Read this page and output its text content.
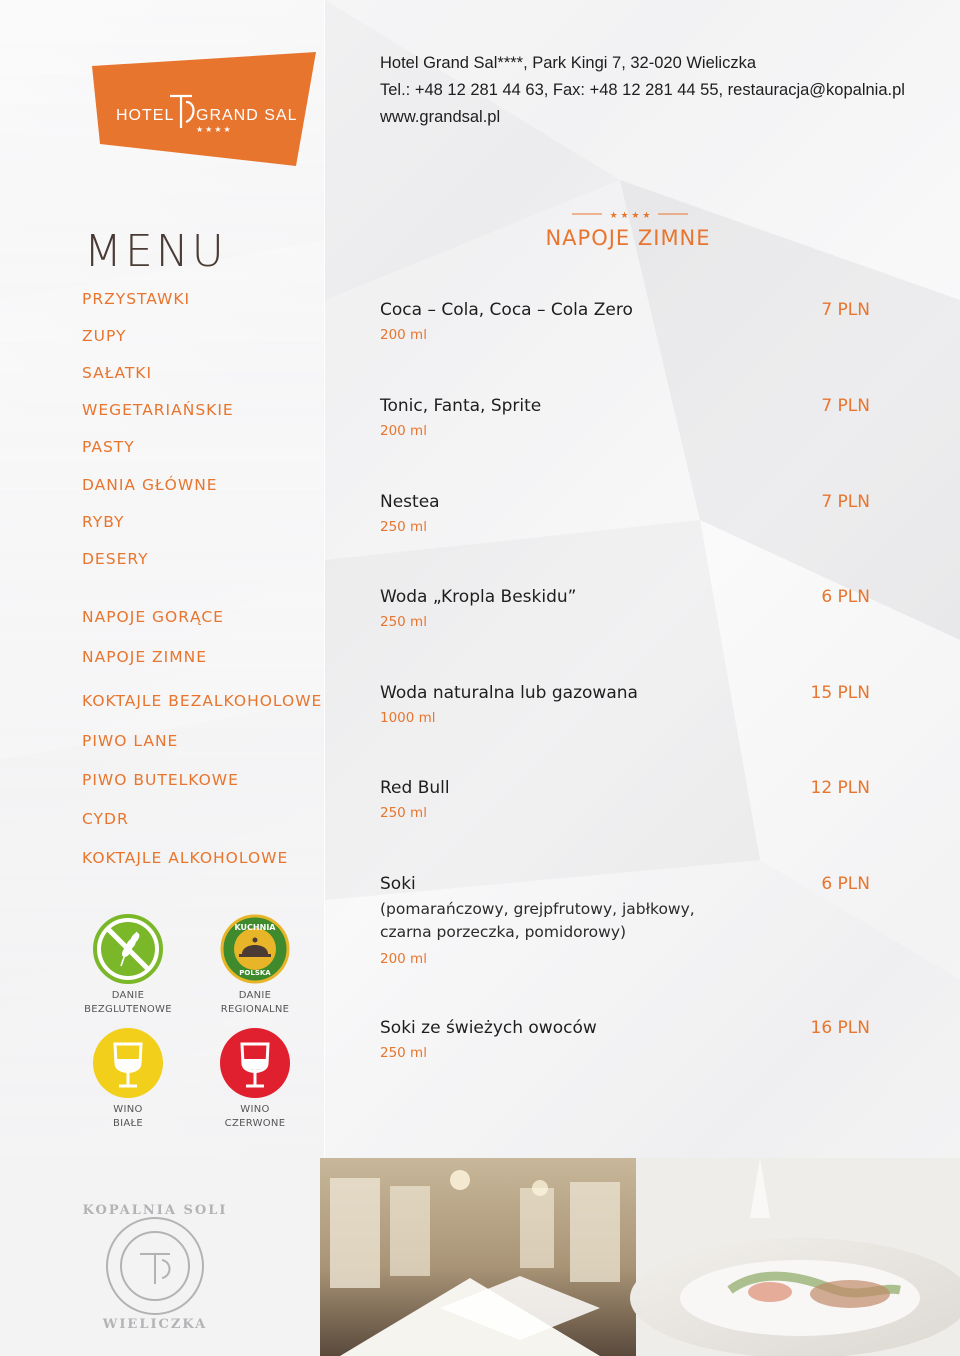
HOTEL GRAND SAL
★★★★
Hotel Grand Sal****, Park Kingi 7, 32-020 Wieliczka
Tel.: +48 12 281 44 63, Fax: +48 12 281 44 55, restauracja@kopalnia.pl
www.grandsal.pl
MENU
PRZYSTAWKI
ZUPY
SAŁATKI
WEGETARIAŃSKIE
PASTY
DANIA GŁÓWNE
RYBY
DESERY
NAPOJE GORĄCE
NAPOJE ZIMNE
KOKTAJLE BEZALKOHOLOWE
PIWO LANE
PIWO BUTELKOWE
CYDR
KOKTAJLE ALKOHOLOWE
DANIE
BEZGLUTENOWE
KUCHNIA
POLSKA
DANIE
REGIONALNE
WINO
BIAŁE
WINO
CZERWONE
★ ★ ★ ★
NAPOJE ZIMNE
Coca – Cola, Coca – Cola Zero
200 ml
7 PLN
Tonic, Fanta, Sprite
200 ml
7 PLN
Nestea
250 ml
7 PLN
Woda „Kropla Beskidu”
250 ml
6 PLN
Woda naturalna lub gazowana
1000 ml
15 PLN
Red Bull
250 ml
12 PLN
Soki
(pomarańczowy, grejpfrutowy, jabłkowy, czarna porzeczka, pomidorowy)
200 ml
6 PLN
Soki ze świeżych owoców
250 ml
16 PLN
KOPALNIA SOLI
WIELICZKA
